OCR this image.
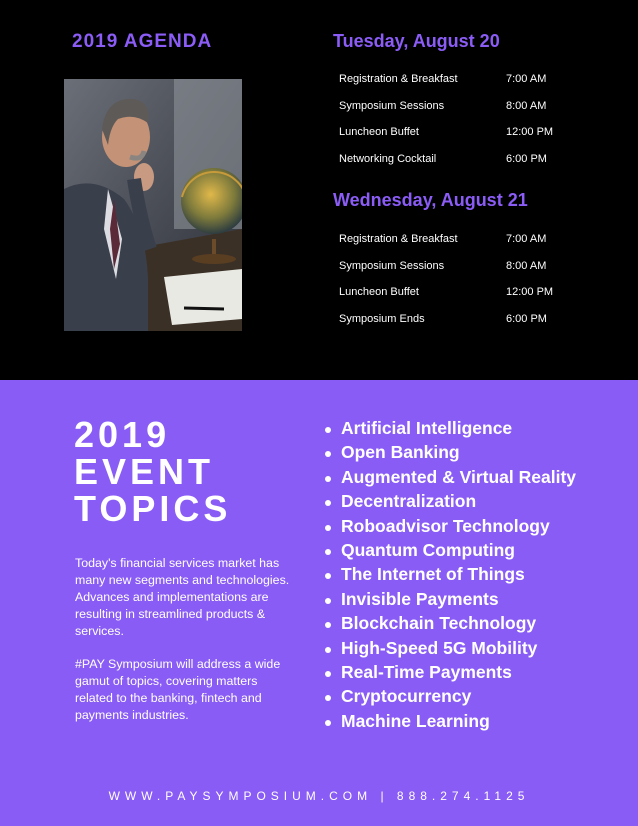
2019 AGENDA	Tuesday, August 20
Registration & Breakfast	7:00 AM
Symposium Sessions	8:00 AM
Luncheon Buffet	12:00 PM
Networking Cocktail	6:00 PM
Wednesday, August 21
Registration & Breakfast	7:00 AM
Symposium Sessions	8:00 AM
Luncheon Buffet	12:00 PM
Symposium Ends	6:00 PM
2019
EVENT
TOPICS

Today's financial services market has many new segments and technologies. Advances and implementations are resulting in streamlined products & services.

#PAY Symposium will address a wide gamut of topics, covering matters related to the banking, fintech and payments industries.

Artificial Intelligence
Open Banking
Augmented & Virtual Reality
Decentralization
Roboadvisor Technology
Quantum Computing
The Internet of Things
Invisible Payments
Blockchain Technology
High-Speed 5G Mobility
Real-Time Payments
Cryptocurrency
Machine Learning
WWW.PAYSYMPOSIUM.COM | 888.274.1125
